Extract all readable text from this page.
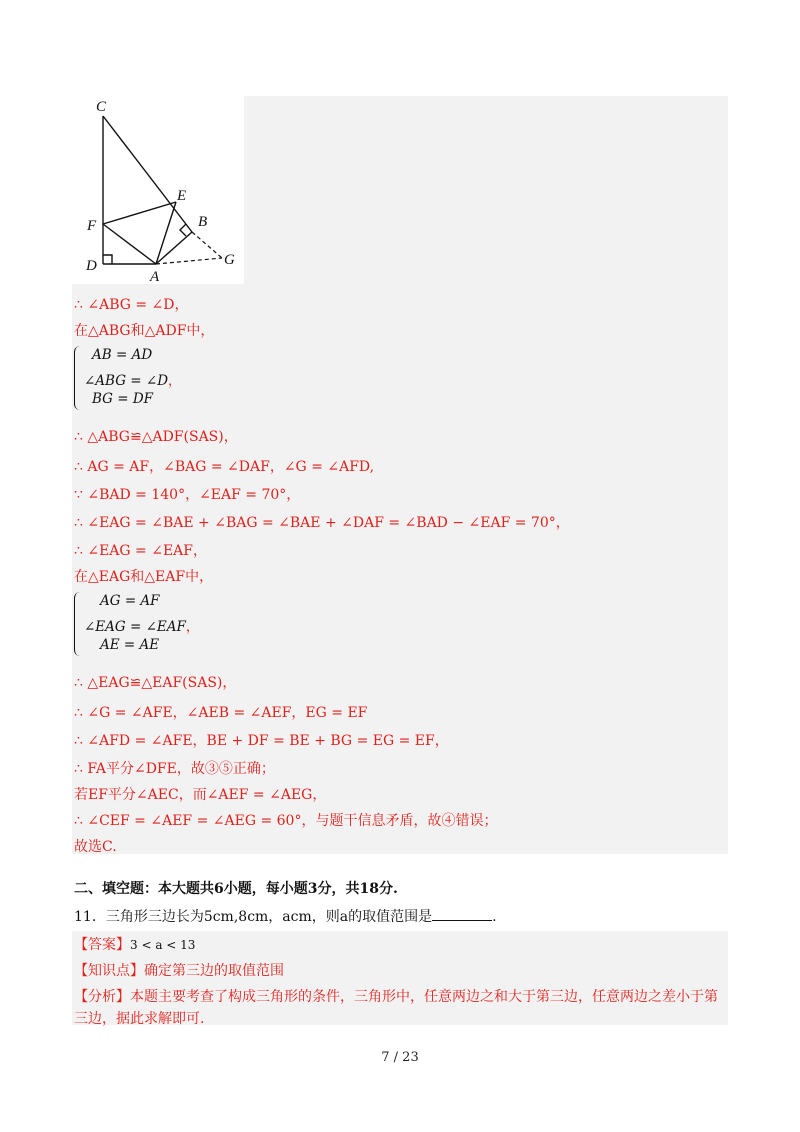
C
E
B
F
D
A
G
∴ ∠ABG = ∠D，
在△ABG和△ADF中，
AB = AD
∠ABG = ∠D，
BG = DF
∴ △ABG≌△ADF(SAS)，
∴ AG = AF，∠BAG = ∠DAF，∠G = ∠AFD,
∵ ∠BAD = 140°，∠EAF = 70°，
∴ ∠EAG = ∠BAE + ∠BAG = ∠BAE + ∠DAF = ∠BAD − ∠EAF = 70°，
∴ ∠EAG = ∠EAF，
在△EAG和△EAF中，
AG = AF
∠EAG = ∠EAF，
AE = AE
∴ △EAG≌△EAF(SAS)，
∴ ∠G = ∠AFE，∠AEB = ∠AEF，EG = EF
∴ ∠AFD = ∠AFE，BE + DF = BE + BG = EG = EF，
∴ FA平分∠DFE，故③⑤正确；
若EF平分∠AEC，而∠AEF = ∠AEG，
∴ ∠CEF = ∠AEF = ∠AEG = 60°，与题干信息矛盾，故④错误；
故选C.
二、填空题：本大题共6小题，每小题3分，共18分.
11．三角形三边长为5cm,8cm，acm，则a的取值范围是	.
【答案】3 < a < 13
【知识点】确定第三边的取值范围
【分析】本题主要考查了构成三角形的条件，三角形中，任意两边之和大于第三边，任意两边之差小于第
三边，据此求解即可.
7 / 23
